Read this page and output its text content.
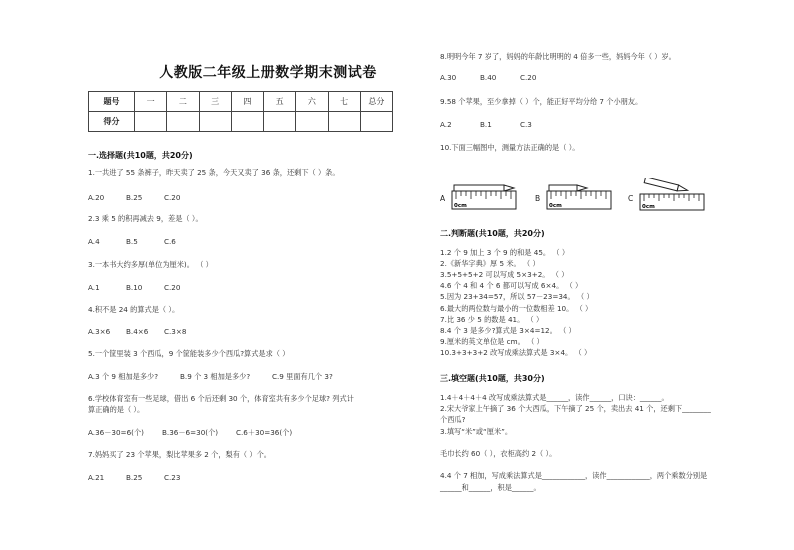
人教版二年级上册数学期末测试卷
题号	一	二	三	四	五	六	七	总分
得分								
一.选择题(共10题，共20分)
1.一共进了 55 条裤子，昨天卖了 25 条，今天又卖了 36 条，还剩下（ ）条。
A.20	B.25	C.20
2.3 乘 5 的积再减去 9，差是（ ）。
A.4	B.5	C.6
3.一本书大约多厚(单位为厘米)。 （ ）
A.1	B.10	C.20
4.积不是 24 的算式是（ ）。
A.3×6 B.4×6 C.3×8
5.一个筐里装 3 个西瓜，9 个筐能装多少个西瓜?算式是求（ ）
A.3 个 9 相加是多少?	B.9 个 3 相加是多少?	C.9 里面有几个 3?
6.学校体育室有一些足球，借出 6 个后还剩 30 个，体育室共有多少个足球? 列式计
算正确的是（ ）。
A.36－30=6(个)	B.36－6=30(个) C.6＋30=36(个)
7.妈妈买了 23 个苹果，梨比苹果多 2 个，梨有（ ）个。
A.21	B.25	C.23
8.明明今年 7 岁了，妈妈的年龄比明明的 4 倍多一些，妈妈今年（ ）岁。
A.30	B.40	C.20
9.58 个苹果，至少拿掉（ ）个，能正好平均分给 7 个小朋友。
A.2	B.1	C.3
10.下面三幅图中，测量方法正确的是（ ）。
A
0cm
B
0cm
C
0cm
二.判断题(共10题，共20分)
1.2 个 9 加上 3 个 9 的和是 45。 （ ）
2.《新华字典》厚 5 米。 （ ）
3.5+5+5+2 可以写成 5×3+2。 （ ）
4.6 个 4 和 4 个 6 都可以写成 6×4。 （ ）
5.因为 23+34=57，所以 57－23=34。 （ ）
6.最大的两位数与最小的一位数相差 10。 （ ）
7.比 36 少 5 的数是 41。 （ ）
8.4 个 3 是多少?算式是 3×4=12。 （ ）
9.厘米的英文单位是 cm。 （ ）
10.3+3+3+2 改写成乘法算式是 3×4。 （ ）
三.填空题(共10题，共30分)
1.4＋4＋4＋4 改写成乘法算式是______，读作______，口诀：______。
2.宋大爷家上午摘了 36 个大西瓜，下午摘了 25 个，卖出去 41 个，还剩下________
个西瓜?
3.填写“米”或“厘米”。
毛巾长约 60（ ），衣柜高约 2（ ）。
4.4 个 7 相加，写成乘法算式是____________，读作____________，两个乘数分别是
______和______，积是______。
